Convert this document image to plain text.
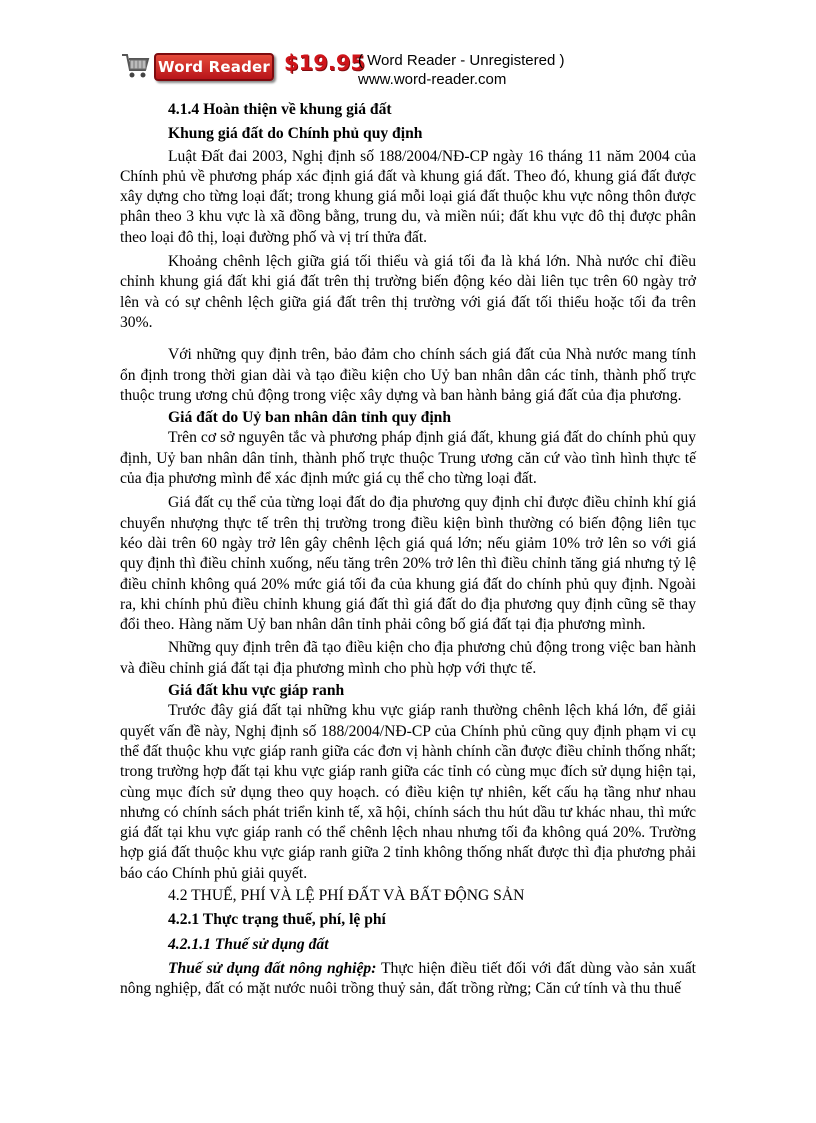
Word Reader $19.95
( Word Reader - Unregistered )
www.word-reader.com

4.1.4 Hoàn thiện về khung giá đất

Khung giá đất do Chính phủ quy định

Luật Đất đai 2003, Nghị định số 188/2004/NĐ-CP ngày 16 tháng 11 năm 2004 của Chính phủ về phương pháp xác định giá đất và khung giá đất. Theo đó, khung giá đất được xây dựng cho từng loại đất; trong khung giá mỗi loại giá đất thuộc khu vực nông thôn được phân theo 3 khu vực là xã đồng bằng, trung du, và miền núi; đất khu vực đô thị được phân theo loại đô thị, loại đường phố và vị trí thửa đất.

Khoảng chênh lệch giữa giá tối thiểu và giá tối đa là khá lớn. Nhà nước chỉ điều chỉnh khung giá đất khi giá đất trên thị trường biến động kéo dài liên tục trên 60 ngày trở lên và có sự chênh lệch giữa giá đất trên thị trường với giá đất tối thiểu hoặc tối đa trên 30%.

Với những quy định trên, bảo đảm cho chính sách giá đất của Nhà nước mang tính ổn định trong thời gian dài và tạo điều kiện cho Uỷ ban nhân dân các tỉnh, thành phố trực thuộc trung ương chủ động trong việc xây dựng và ban hành bảng giá đất của địa phương.

Giá đất do Uỷ ban nhân dân tỉnh quy định

Trên cơ sở nguyên tắc và phương pháp định giá đất, khung giá đất do chính phủ quy định, Uỷ ban nhân dân tỉnh, thành phố trực thuộc Trung ương căn cứ vào tình hình thực tế của địa phương mình để xác định mức giá cụ thể cho từng loại đất.

Giá đất cụ thể của từng loại đất do địa phương quy định chỉ được điều chỉnh khí giá chuyển nhượng thực tế trên thị trường trong điều kiện bình thường có biến động liên tục kéo dài trên 60 ngày trở lên gây chênh lệch giá quá lớn; nếu giảm 10% trở lên so với giá quy định thì điều chỉnh xuống, nếu tăng trên 20% trở lên thì điều chỉnh tăng giá nhưng tỷ lệ điều chỉnh không quá 20% mức giá tối đa của khung giá đất do chính phủ quy định. Ngoài ra, khi chính phủ điều chỉnh khung giá đất thì giá đất do địa phương quy định cũng sẽ thay đổi theo. Hàng năm Uỷ ban nhân dân tỉnh phải công bố giá đất tại địa phương mình.

Những quy định trên đã tạo điều kiện cho địa phương chủ động trong việc ban hành và điều chỉnh giá đất tại địa phương mình cho phù hợp với thực tế.

Giá đất khu vực giáp ranh

Trước đây giá đất tại những khu vực giáp ranh thường chênh lệch khá lớn, để giải quyết vấn đề này, Nghị định số 188/2004/NĐ-CP của Chính phủ cũng quy định phạm vi cụ thể đất thuộc khu vực giáp ranh giữa các đơn vị hành chính cần được điều chỉnh thống nhất; trong trường hợp đất tại khu vực giáp ranh giữa các tỉnh có cùng mục đích sử dụng hiện tại, cùng mục đích sử dụng theo quy hoạch. có điều kiện tự nhiên, kết cấu hạ tầng như nhau nhưng có chính sách phát triển kinh tế, xã hội, chính sách thu hút dầu tư khác nhau, thì mức giá đất tại khu vực giáp ranh có thể chênh lệch nhau nhưng tối đa không quá 20%. Trường hợp giá đất thuộc khu vực giáp ranh giữa 2 tỉnh không thống nhất được thì địa phương phải báo cáo Chính phủ giải quyết.

4.2 THUẾ, PHÍ VÀ LỆ PHÍ ĐẤT VÀ BẤT ĐỘNG SẢN

4.2.1 Thực trạng thuế, phí, lệ phí

4.2.1.1 Thuế sử dụng đất

Thuế sử dụng đất nông nghiệp: Thực hiện điều tiết đối với đất dùng vào sản xuất nông nghiệp, đất có mặt nước nuôi trồng thuỷ sản, đất trồng rừng; Căn cứ tính và thu thuế
